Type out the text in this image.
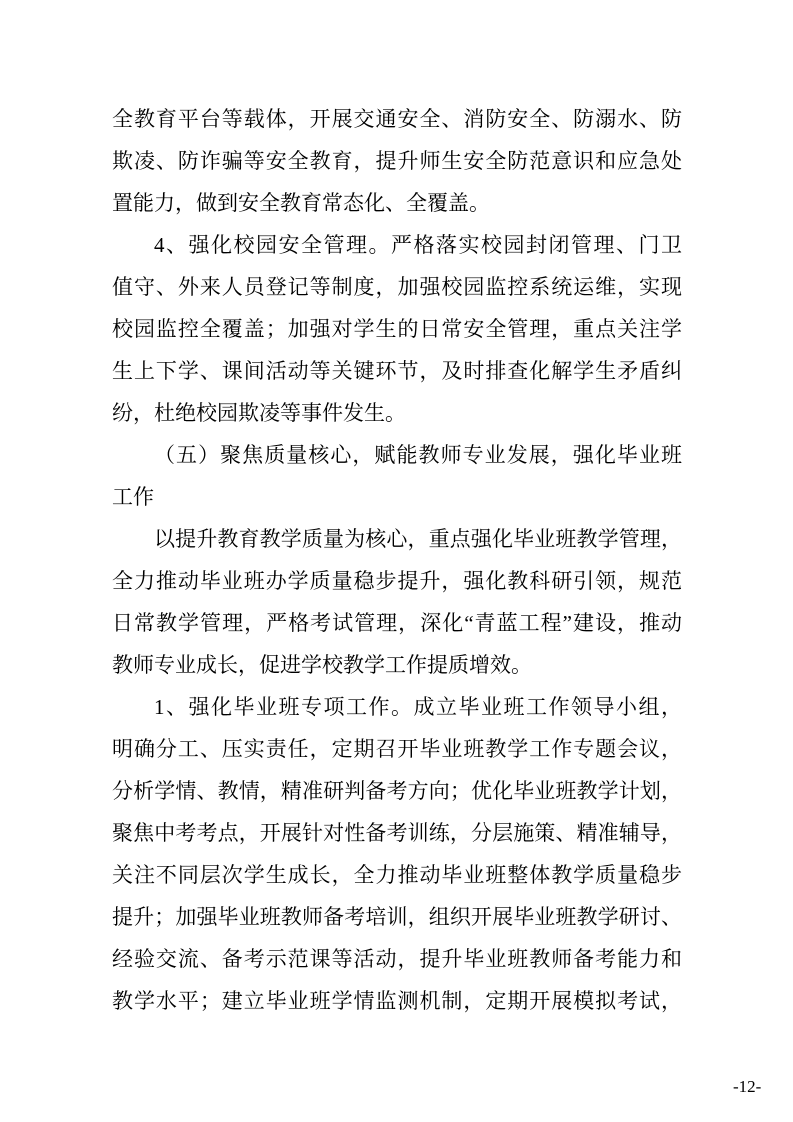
全教育平台等载体，开展交通安全、消防安全、防溺水、防
欺凌、防诈骗等安全教育，提升师生安全防范意识和应急处
置能力，做到安全教育常态化、全覆盖。
4、强化校园安全管理。严格落实校园封闭管理、门卫
值守、外来人员登记等制度，加强校园监控系统运维，实现
校园监控全覆盖；加强对学生的日常安全管理，重点关注学
生上下学、课间活动等关键环节，及时排查化解学生矛盾纠
纷，杜绝校园欺凌等事件发生。
（五）聚焦质量核心，赋能教师专业发展，强化毕业班
工作
以提升教育教学质量为核心，重点强化毕业班教学管理，
全力推动毕业班办学质量稳步提升，强化教科研引领，规范
日常教学管理，严格考试管理，深化“青蓝工程”建设，推动
教师专业成长，促进学校教学工作提质增效。
1、强化毕业班专项工作。成立毕业班工作领导小组，
明确分工、压实责任，定期召开毕业班教学工作专题会议，
分析学情、教情，精准研判备考方向；优化毕业班教学计划，
聚焦中考考点，开展针对性备考训练，分层施策、精准辅导，
关注不同层次学生成长，全力推动毕业班整体教学质量稳步
提升；加强毕业班教师备考培训，组织开展毕业班教学研讨、
经验交流、备考示范课等活动，提升毕业班教师备考能力和
教学水平；建立毕业班学情监测机制，定期开展模拟考试，
-12-
